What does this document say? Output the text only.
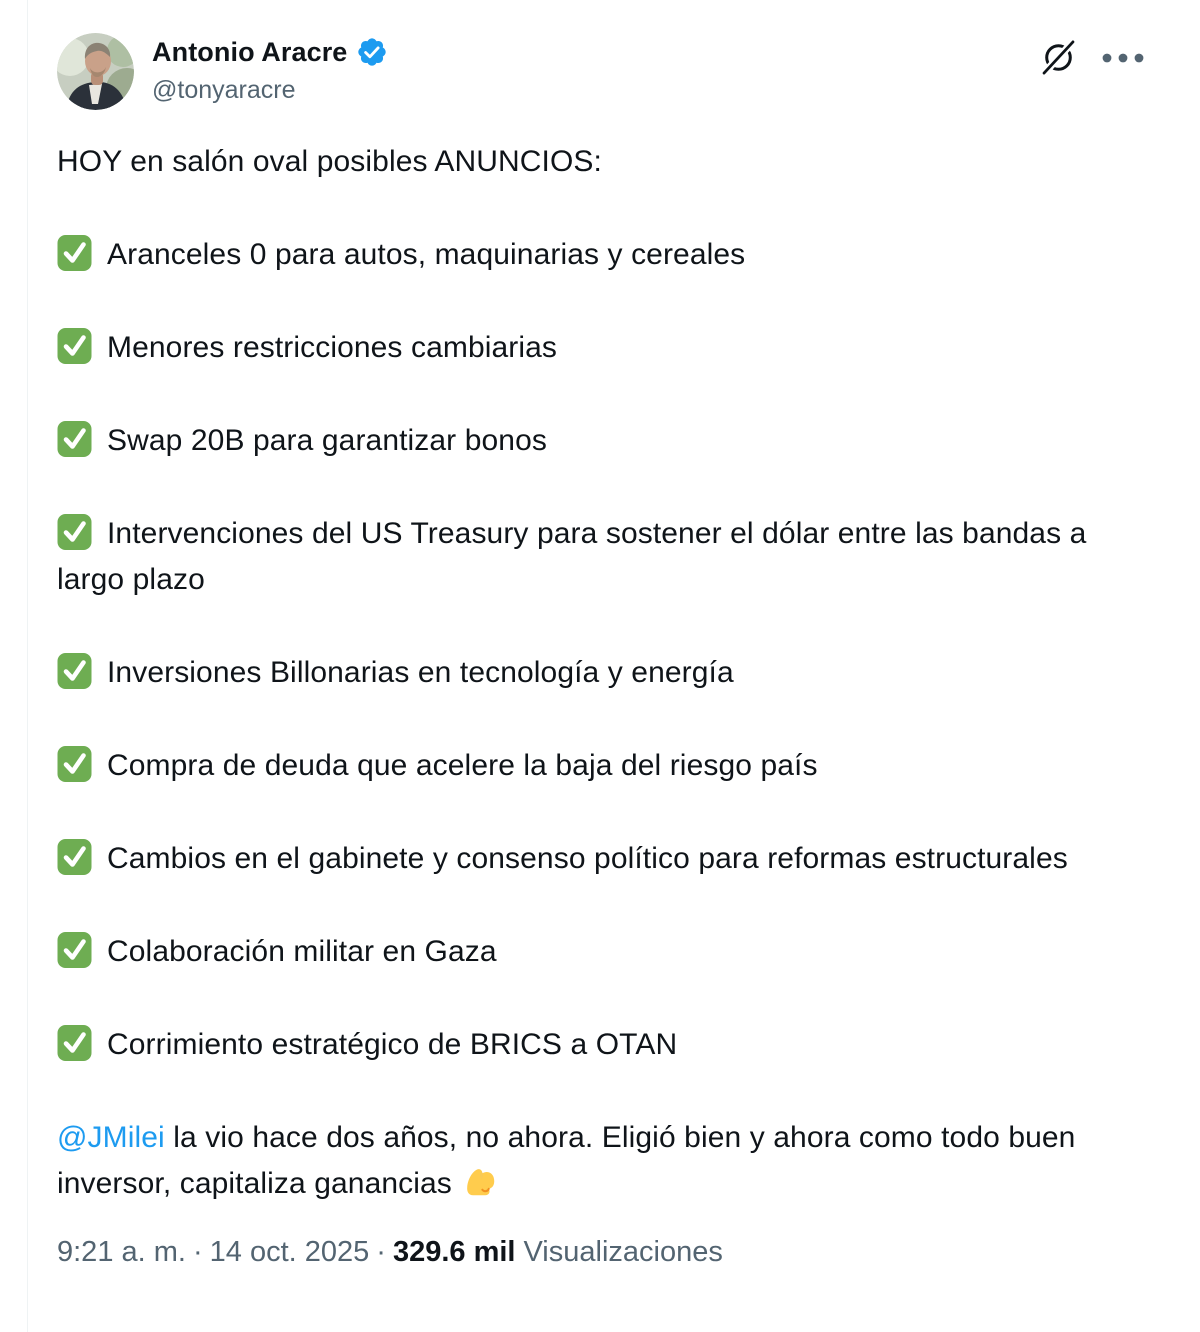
Antonio Aracre
@tonyaracre

HOY en salón oval posibles ANUNCIOS:

Aranceles 0 para autos, maquinarias y cereales

Menores restricciones cambiarias

Swap 20B para garantizar bonos

Intervenciones del US Treasury para sostener el dólar entre las bandas a largo plazo

Inversiones Billonarias en tecnología y energía

Compra de deuda que acelere la baja del riesgo país

Cambios en el gabinete y consenso político para reformas estructurales

Colaboración militar en Gaza

Corrimiento estratégico de BRICS a OTAN

@JMilei la vio hace dos años, no ahora. Eligió bien y ahora como todo buen inversor, capitaliza ganancias

9:21 a. m. · 14 oct. 2025 · 329.6 mil Visualizaciones
